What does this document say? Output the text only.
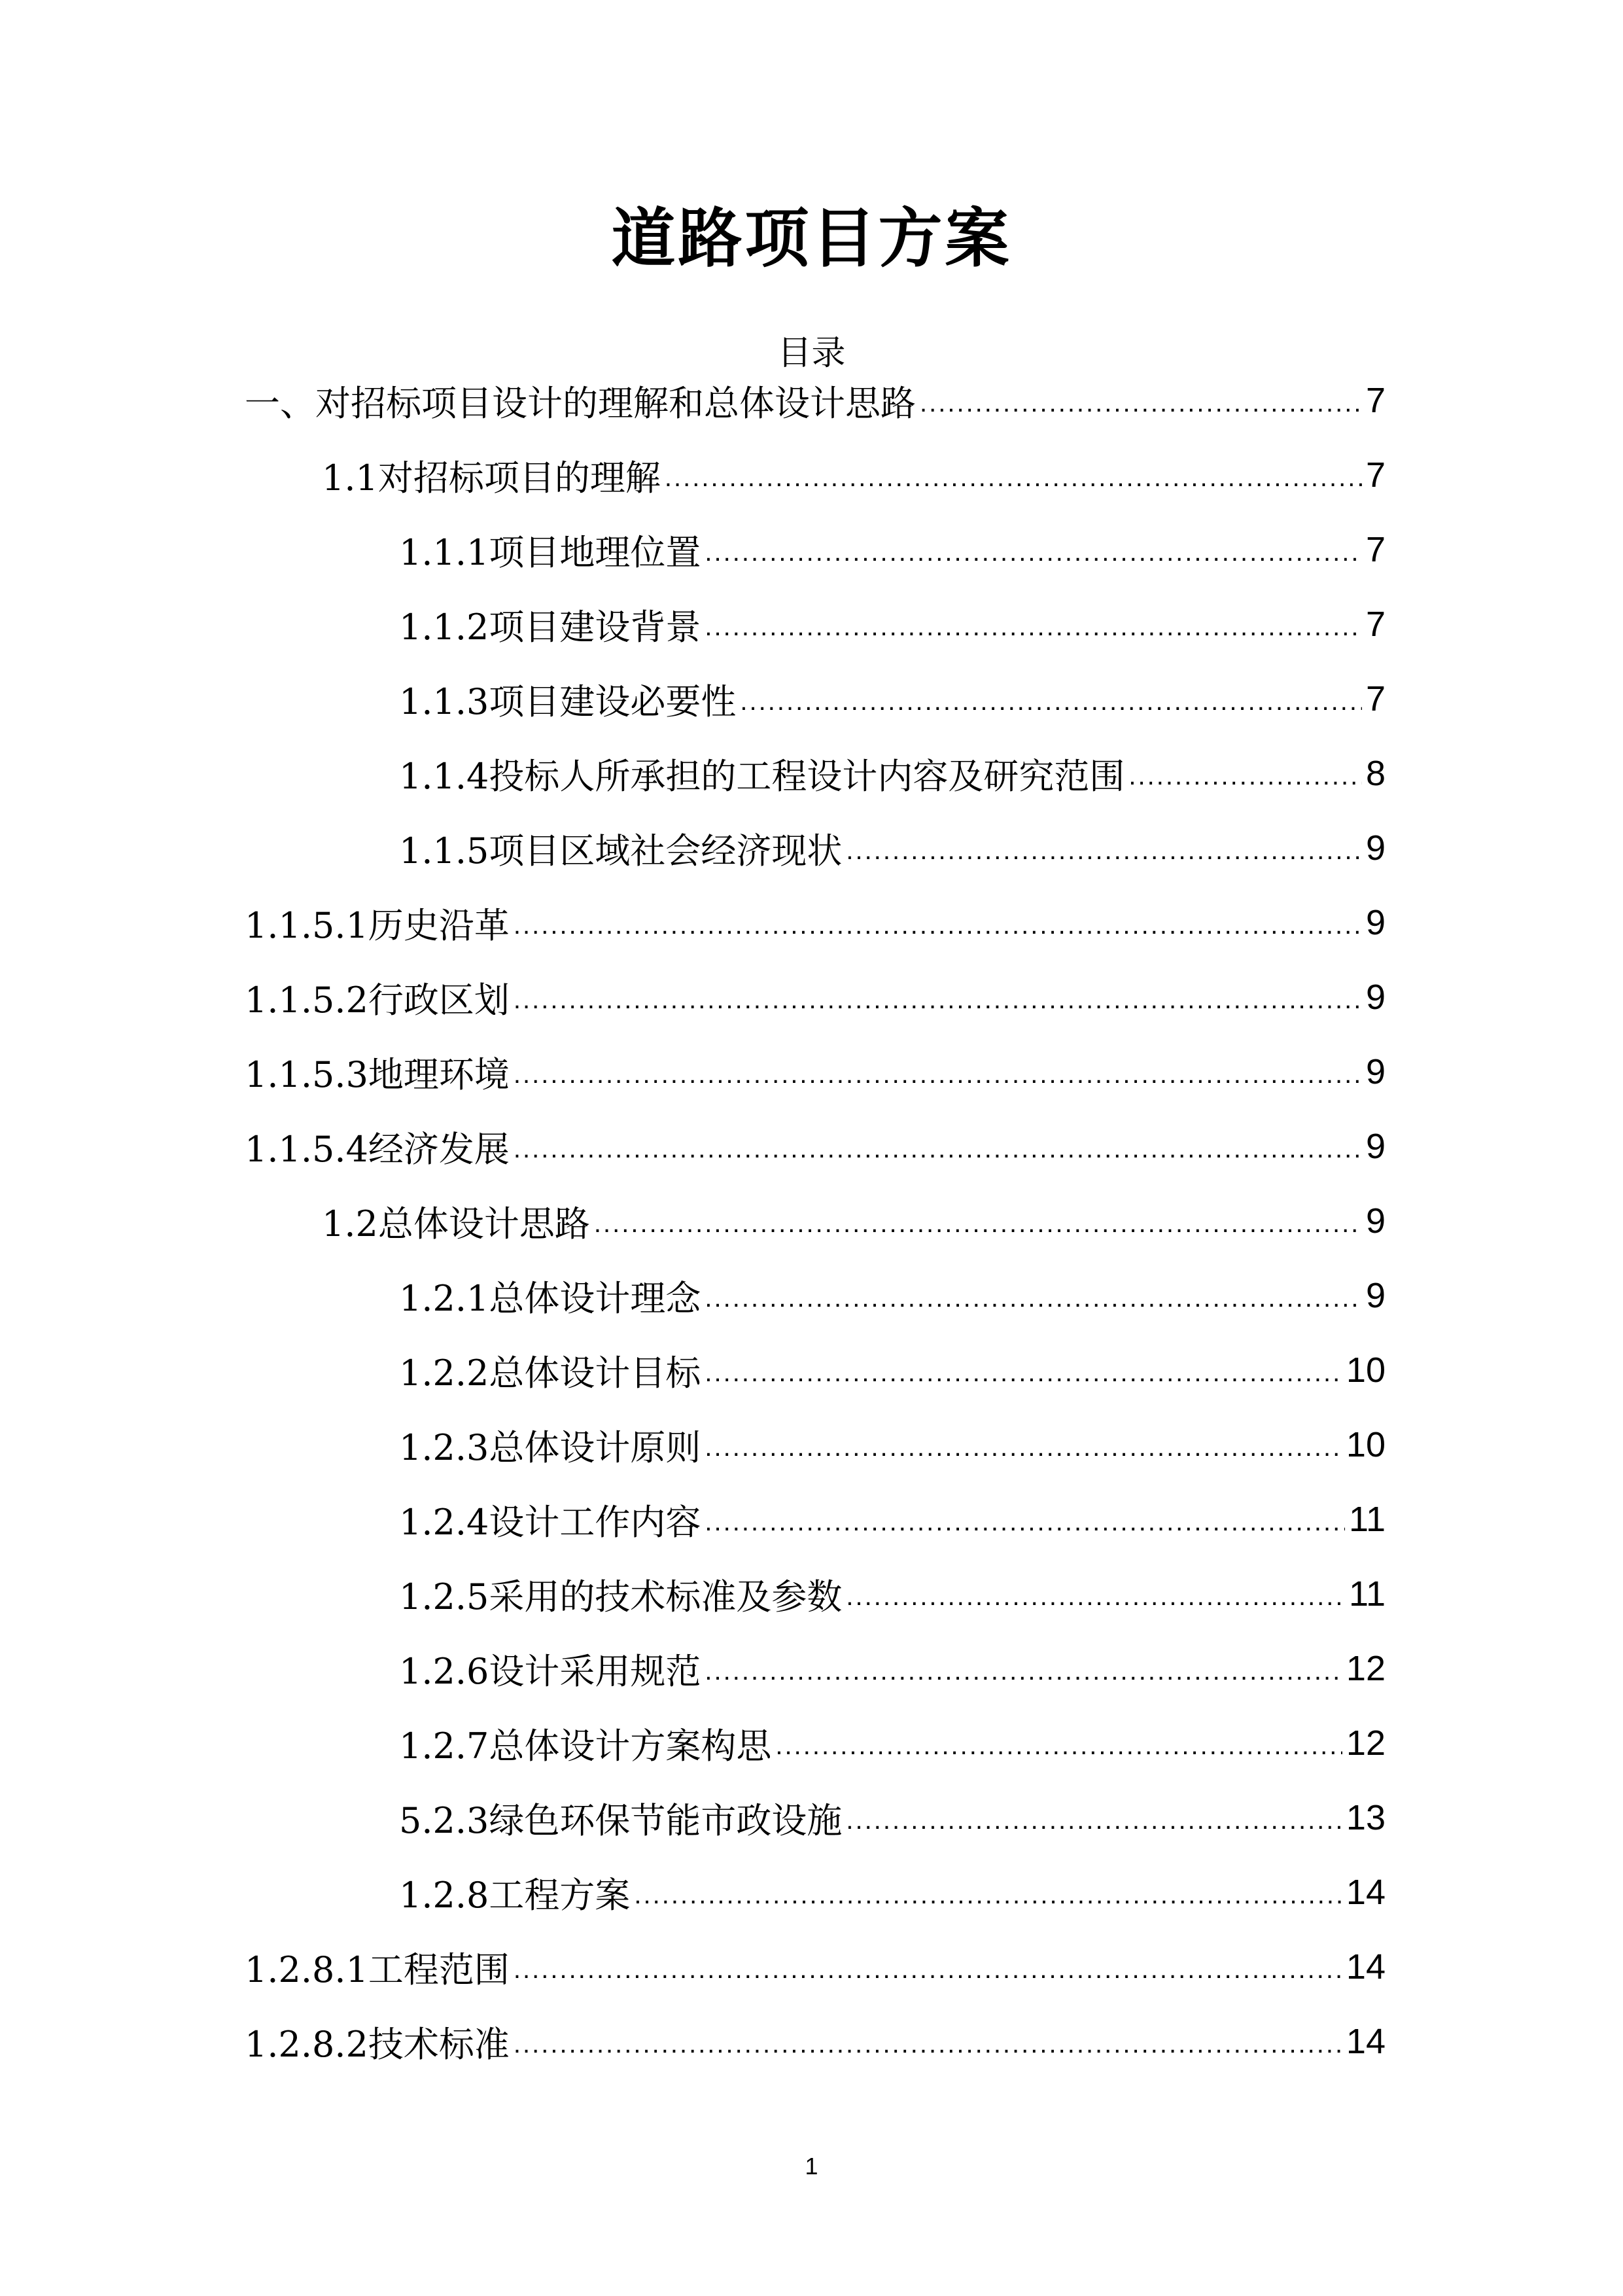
道路项目方案
目录
一、对招标项目设计的理解和总体设计思路 .....	7
1.1对招标项目的理解 .....	7
1.1.1项目地理位置 .....	7
1.1.2项目建设背景 .....	7
1.1.3项目建设必要性 .....	7
1.1.4投标人所承担的工程设计内容及研究范围 .....	8
1.1.5项目区域社会经济现状 .....	9
1.1.5.1历史沿革 .....	9
1.1.5.2行政区划 .....	9
1.1.5.3地理环境 .....	9
1.1.5.4经济发展 .....	9
1.2总体设计思路 .....	9
1.2.1总体设计理念 .....	9
1.2.2总体设计目标 .....	10
1.2.3总体设计原则 .....	10
1.2.4设计工作内容 .....	11
1.2.5采用的技术标准及参数 .....	11
1.2.6设计采用规范 .....	12
1.2.7总体设计方案构思 .....	12
5.2.3绿色环保节能市政设施 .....	13
1.2.8工程方案 .....	14
1.2.8.1工程范围 .....	14
1.2.8.2技术标准 .....	14
1
